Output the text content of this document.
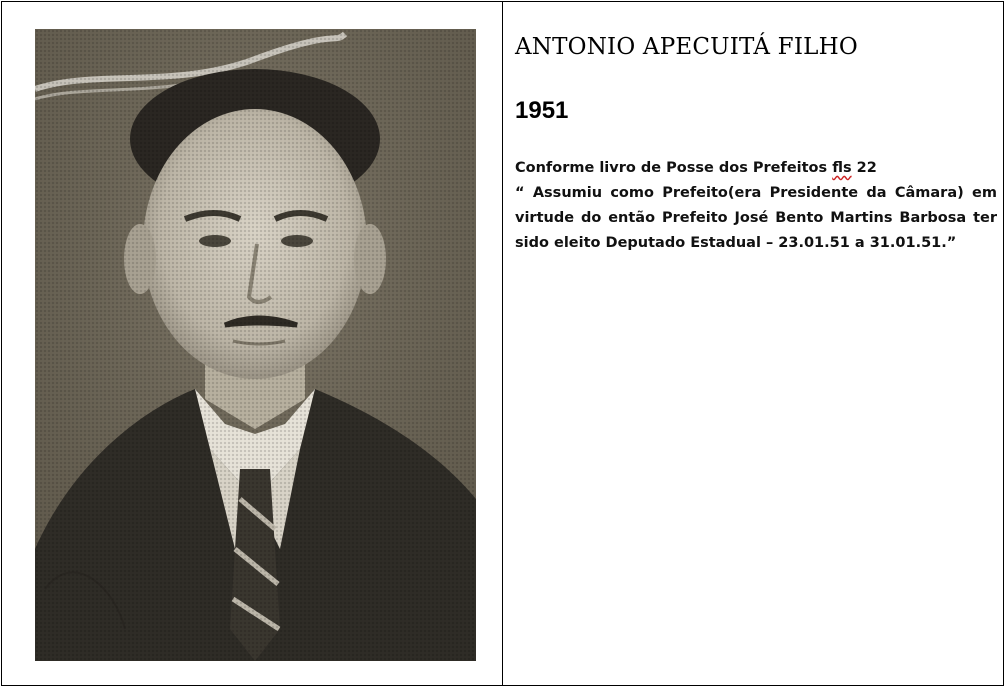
ANTONIO APECUITÁ FILHO
1951

Conforme livro de Posse dos Prefeitos fls 22

“ Assumiu como Prefeito(era Presidente da Câmara) em virtude do então Prefeito José Bento Martins Barbosa ter sido eleito Deputado Estadual – 23.01.51 a 31.01.51.”
